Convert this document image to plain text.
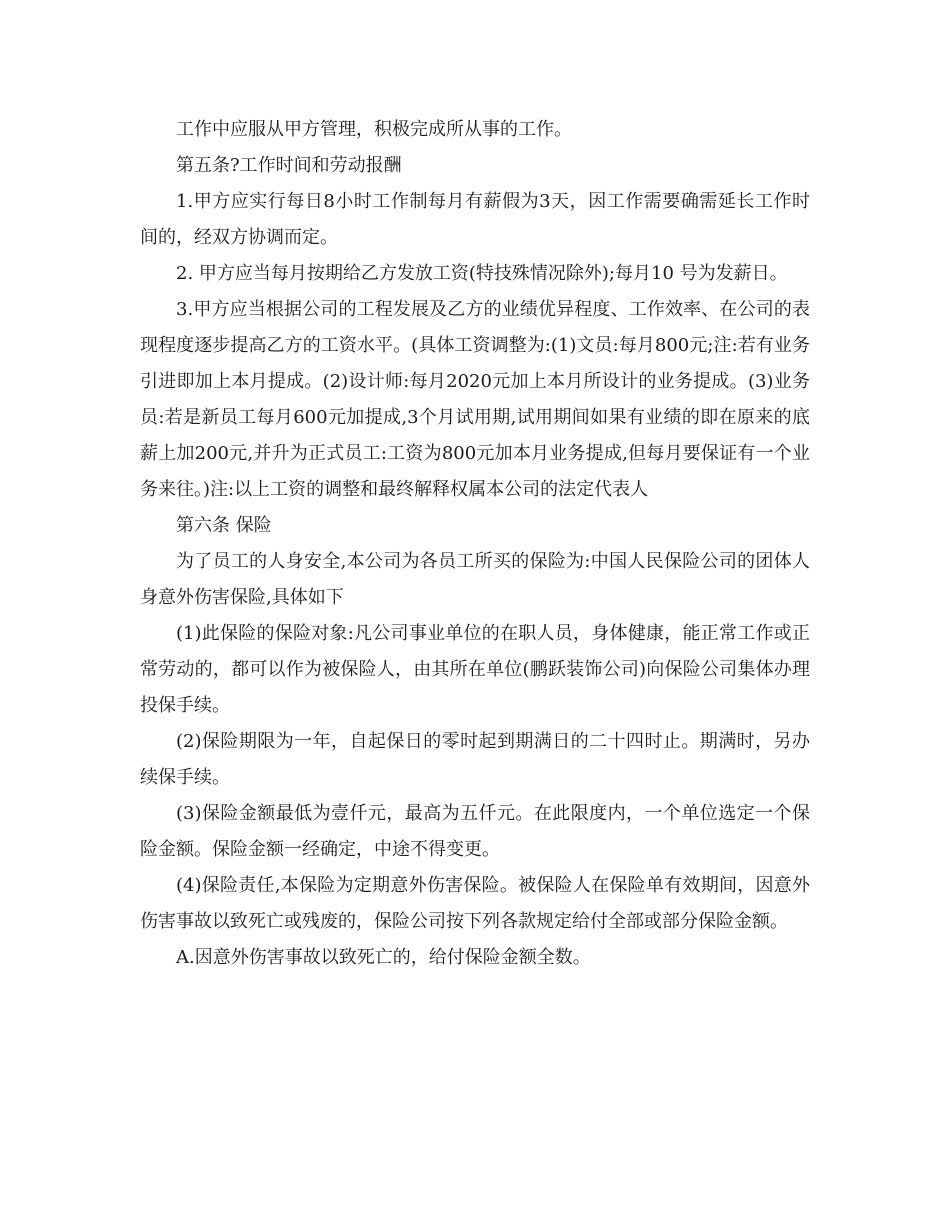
工作中应服从甲方管理，积极完成所从事的工作。

第五条?工作时间和劳动报酬

1.甲方应实行每日8小时工作制每月有薪假为3天，因工作需要确需延长工作时间的，经双方协调而定。

2. 甲方应当每月按期给乙方发放工资(特技殊情况除外);每月10 号为发薪日。

3.甲方应当根据公司的工程发展及乙方的业绩优异程度、工作效率、在公司的表现程度逐步提高乙方的工资水平。(具体工资调整为:(1)文员:每月800元;注:若有业务引进即加上本月提成。(2)设计师:每月2020元加上本月所设计的业务提成。(3)业务员:若是新员工每月600元加提成,3个月试用期,试用期间如果有业绩的即在原来的底薪上加200元,并升为正式员工:工资为800元加本月业务提成,但每月要保证有一个业务来往。)注:以上工资的调整和最终解释权属本公司的法定代表人

第六条 保险

为了员工的人身安全,本公司为各员工所买的保险为:中国人民保险公司的团体人身意外伤害保险,具体如下

(1)此保险的保险对象:凡公司事业单位的在职人员，身体健康，能正常工作或正常劳动的，都可以作为被保险人，由其所在单位(鹏跃装饰公司)向保险公司集体办理投保手续。

(2)保险期限为一年，自起保日的零时起到期满日的二十四时止。期满时，另办续保手续。

(3)保险金额最低为壹仟元，最高为五仟元。在此限度内，一个单位选定一个保险金额。保险金额一经确定，中途不得变更。

(4)保险责任,本保险为定期意外伤害保险。被保险人在保险单有效期间，因意外伤害事故以致死亡或残废的，保险公司按下列各款规定给付全部或部分保险金额。

A.因意外伤害事故以致死亡的，给付保险金额全数。
